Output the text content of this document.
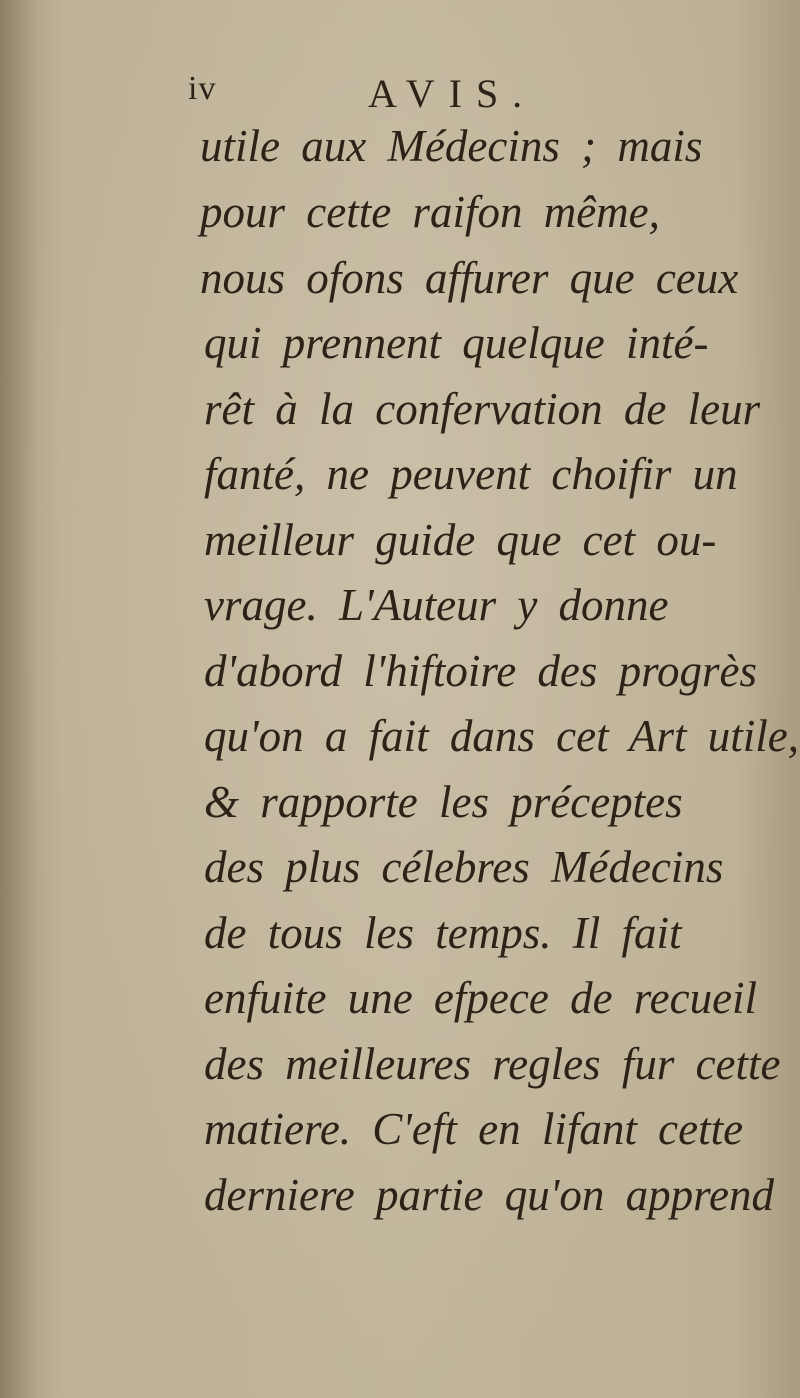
iv	AVIS.
utile aux Médecins ; mais
pour cette raifon même,
nous ofons affurer que ceux
qui prennent quelque inté-
rêt à la confervation de leur
fanté, ne peuvent choifir un
meilleur guide que cet ou-
vrage. L'Auteur y donne
d'abord l'hiftoire des progrès
qu'on a fait dans cet Art utile,
& rapporte les préceptes
des plus célebres Médecins
de tous les temps. Il fait
enfuite une efpece de recueil
des meilleures regles fur cette
matiere. C'eft en lifant cette
derniere partie qu'on apprend
